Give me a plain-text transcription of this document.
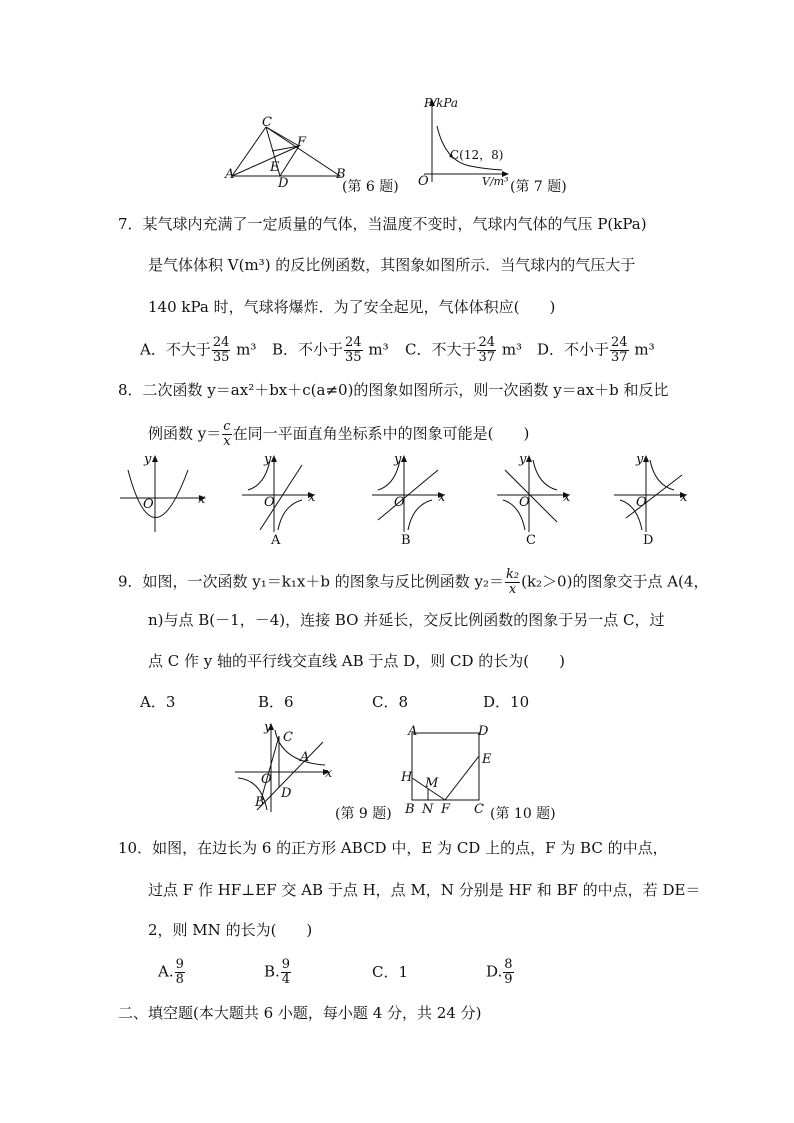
A
C
F
E
D
B
(第 6 题)
P/kPa
O
C(12，8)
V/m³ (第 7 题)
7．某气球内充满了一定质量的气体，当温度不变时，气球内气体的气压 P(kPa)
是气体体积 V(m³) 的反比例函数，其图象如图所示．当气球内的气压大于
140 kPa 时，气球将爆炸．为了安全起见，气体体积应(　　)
A．不大于 $\frac{24}{35} m^3$ B．不小于 $\frac{24}{35} m^3$ C．不大于 $\frac{24}{37} m^3$ D．不小于 $\frac{24}{37} m^3$
8．二次函数 y＝ax²＋bx＋c(a≠0)的图象如图所示，则一次函数 y＝ax＋b 和反比
例函数 $y= \frac{c}{x}$ 在同一平面直角坐标系中的图象可能是(　　)
y
O	x
y
O	x
A
y
O	x
B
y
O	x
C
y
O	x
D
9．如图，一次函数 y₁＝k₁x＋b 的图象与反比例函数 $y_2= \frac{\text{k₂}}{x} (k_2>0)$的图象交于点 A(4，
n)与点 B(－1，－4)，连接 BO 并延长，交反比例函数的图象于另一点 C，过
点 C 作 y 轴的平行线交直线 AB 于点 D，则 CD 的长为(　　)
A．3	B．6	C．8	D．10
y
x
O
C
A
B
D
(第 9 题)
A	D
E
H M
B N F C (第 10 题)
10．如图，在边长为 6 的正方形 ABCD 中，E 为 CD 上的点，F 为 BC 的中点，
过点 F 作 HF⊥EF 交 AB 于点 H，点 M，N 分别是 HF 和 BF 的中点，若 DE＝
2，则 MN 的长为(　　)
A. $\frac{9}{8}$	B. $\frac{9}{4}$	C．1	D. $\frac{8}{9}$
二、填空题(本大题共 6 小题，每小题 4 分，共 24 分)
